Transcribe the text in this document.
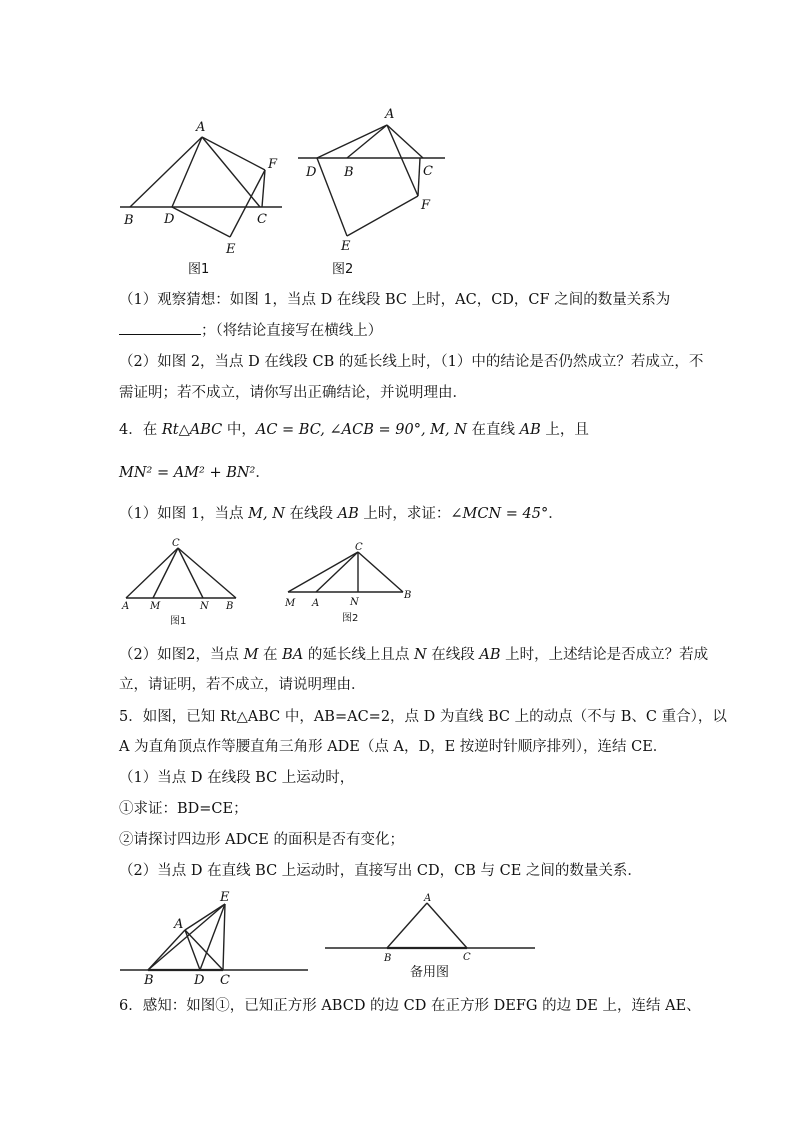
A
B D	C
F
E
图1
A
D B	C
F
E
图2
（1）观察猜想：如图 1，当点 D 在线段 BC 上时，AC，CD，CF 之间的数量关系为
；（将结论直接写在横线上）
（2）如图 2，当点 D 在线段 CB 的延长线上时，（1）中的结论是否仍然成立？若成立，不
需证明；若不成立，请你写出正确结论，并说明理由．
4．在 Rt△ABC 中，AC = BC, ∠ACB = 90°, M, N 在直线 AB 上，且
MN² = AM² + BN²．
（1）如图 1，当点 M, N 在线段 AB 上时，求证：∠MCN = 45°．
C
A M	N B
图1
C
M A	N
B
图2
（2）如图2，当点 M 在 BA 的延长线上且点 N 在线段 AB 上时，上述结论是否成立？若成
立，请证明，若不成立，请说明理由．
5．如图，已知 Rt△ABC 中，AB=AC=2，点 D 为直线 BC 上的动点（不与 B、C 重合），以
A 为直角顶点作等腰直角三角形 ADE（点 A，D，E 按逆时针顺序排列），连结 CE．
（1）当点 D 在线段 BC 上运动时，
①求证：BD=CE；
②请探讨四边形 ADCE 的面积是否有变化；
（2）当点 D 在直线 BC 上运动时，直接写出 CD，CB 与 CE 之间的数量关系．
A
E
B	D C
A
B	C
备用图
6．感知：如图①，已知正方形 ABCD 的边 CD 在正方形 DEFG 的边 DE 上，连结 AE、
